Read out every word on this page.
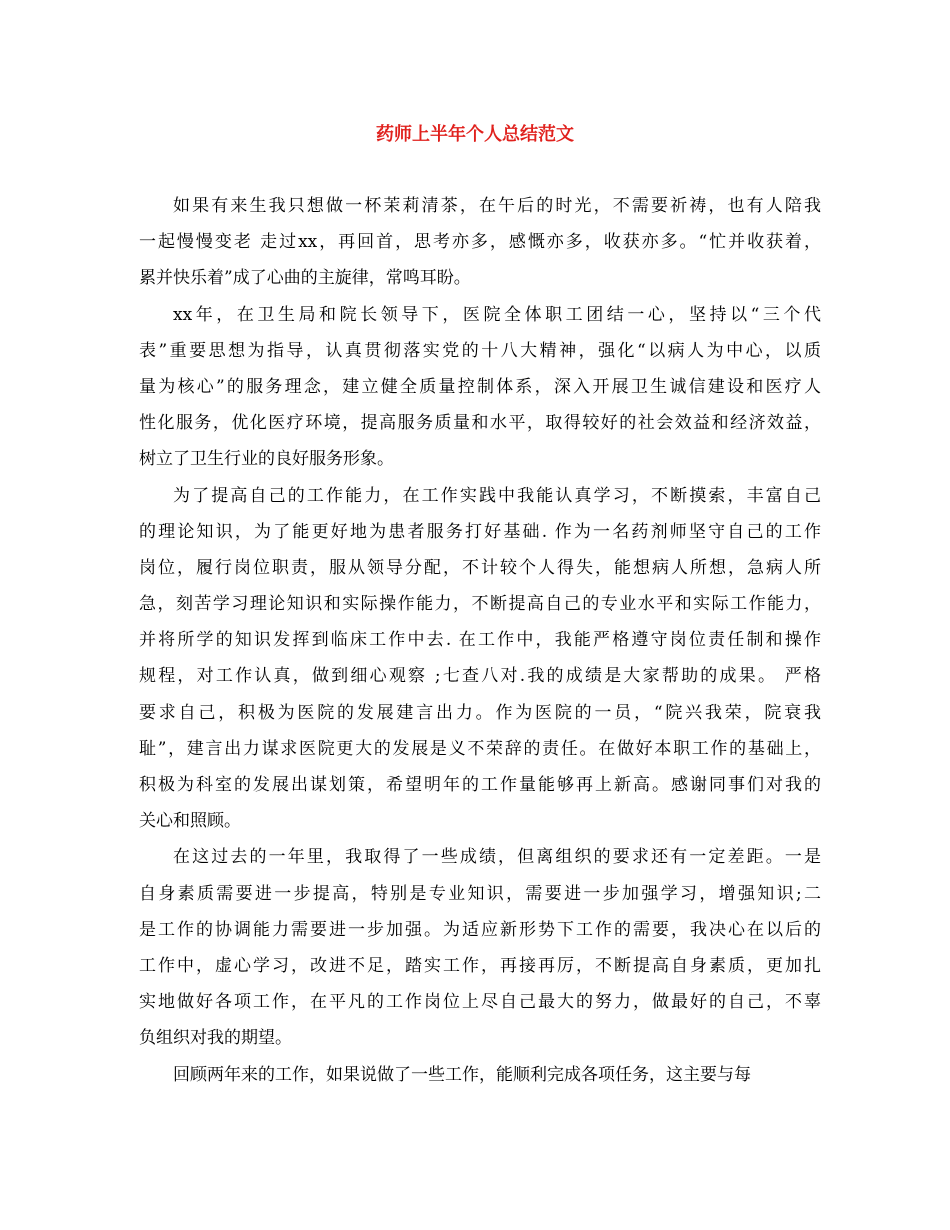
药师上半年个人总结范文
如果有来生我只想做一杯茉莉清茶，在午后的时光，不需要祈祷，也有人陪我
一起慢慢变老 走过xx，再回首，思考亦多，感慨亦多，收获亦多。“忙并收获着，
累并快乐着”成了心曲的主旋律，常鸣耳盼。
xx年，在卫生局和院长领导下，医院全体职工团结一心，坚持以“三个代
表”重要思想为指导，认真贯彻落实党的十八大精神，强化“以病人为中心，以质
量为核心”的服务理念，建立健全质量控制体系，深入开展卫生诚信建设和医疗人
性化服务，优化医疗环境，提高服务质量和水平，取得较好的社会效益和经济效益，
树立了卫生行业的良好服务形象。
为了提高自己的工作能力，在工作实践中我能认真学习，不断摸索，丰富自己
的理论知识，为了能更好地为患者服务打好基础. 作为一名药剂师坚守自己的工作
岗位，履行岗位职责，服从领导分配，不计较个人得失，能想病人所想，急病人所
急，刻苦学习理论知识和实际操作能力，不断提高自己的专业水平和实际工作能力，
并将所学的知识发挥到临床工作中去. 在工作中，我能严格遵守岗位责任制和操作
规程，对工作认真，做到细心观察 ;七查八对.我的成绩是大家帮助的成果。 严格
要求自己，积极为医院的发展建言出力。作为医院的一员，“院兴我荣，院衰我
耻”，建言出力谋求医院更大的发展是义不荣辞的责任。在做好本职工作的基础上，
积极为科室的发展出谋划策，希望明年的工作量能够再上新高。感谢同事们对我的
关心和照顾。
在这过去的一年里，我取得了一些成绩，但离组织的要求还有一定差距。一是
自身素质需要进一步提高，特别是专业知识，需要进一步加强学习，增强知识;二
是工作的协调能力需要进一步加强。为适应新形势下工作的需要，我决心在以后的
工作中，虚心学习，改进不足，踏实工作，再接再厉，不断提高自身素质，更加扎
实地做好各项工作，在平凡的工作岗位上尽自己最大的努力，做最好的自己，不辜
负组织对我的期望。
回顾两年来的工作，如果说做了一些工作，能顺利完成各项任务，这主要与每
